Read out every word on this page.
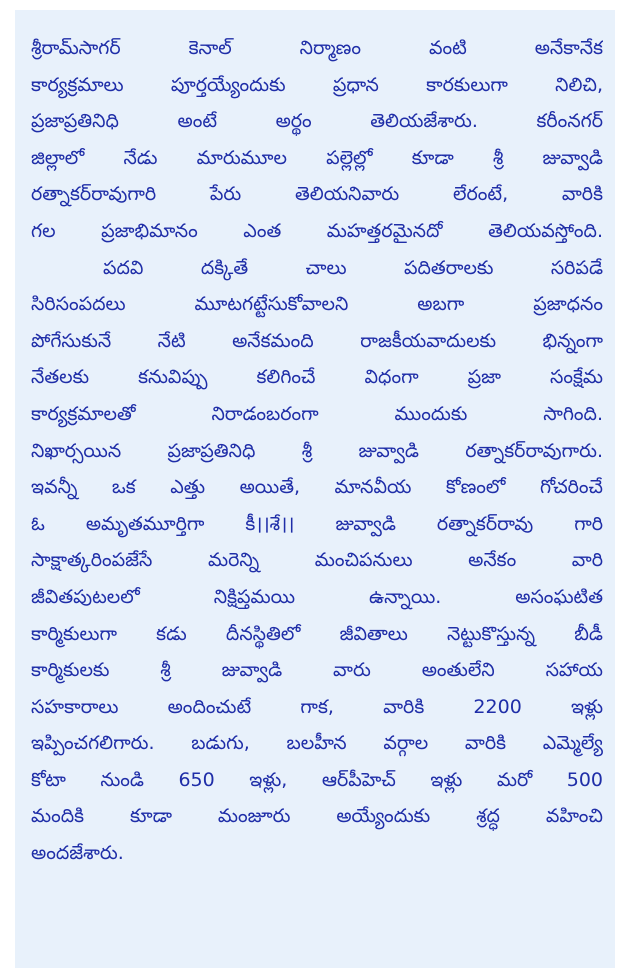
శ్రీరామ్‌సాగర్ కెనాల్ నిర్మాణం వంటి అనేకానేక
కార్యక్రమాలు పూర్తయ్యేందుకు ప్రధాన కారకులుగా నిలిచి,
ప్రజాప్రతినిధి అంటే అర్థం తెలియజేశారు. కరీంనగర్
జిల్లాలో నేడు మారుమూల పల్లెల్లో కూడా శ్రీ జువ్వాడి
రత్నాకర్‌రావుగారి పేరు తెలియనివారు లేరంటే, వారికి
గల ప్రజాభిమానం ఎంత మహత్తరమైనదో తెలియవస్తోంది.
పదవి దక్కితే చాలు పదితరాలకు సరిపడే
సిరిసంపదలు మూటగట్టేసుకోవాలని అబగా ప్రజాధనం
పోగేసుకునే నేటి అనేకమంది రాజకీయవాదులకు భిన్నంగా
నేతలకు కనువిప్పు కలిగించే విధంగా ప్రజా సంక్షేమ
కార్యక్రమాలతో నిరాడంబరంగా ముందుకు సాగింది.
నిఖార్సయిన ప్రజాప్రతినిధి శ్రీ జువ్వాడి రత్నాకర్‌రావుగారు.
ఇవన్నీ ఒక ఎత్తు అయితే, మానవీయ కోణంలో గోచరించే
ఓ అమృతమూర్తిగా కీ।।శే।। జువ్వాడి రత్నాకర్‌రావు గారి
సాక్షాత్కరింపజేసే మరెన్ని మంచిపనులు అనేకం వారి
జీవితపుటలలో నిక్షిప్తమయి ఉన్నాయి. అసంఘటిత
కార్మికులుగా కడు దీనస్థితిలో జీవితాలు నెట్టుకొస్తున్న బీడీ
కార్మికులకు శ్రీ జువ్వాడి వారు అంతులేని సహాయ
సహకారాలు అందించుటే గాక, వారికి 2200 ఇళ్లు
ఇప్పించగలిగారు. బడుగు, బలహీన వర్గాల వారికి ఎమ్మెల్యే
కోటా నుండి 650 ఇళ్లు, ఆర్‌పీహెచ్ ఇళ్లు మరో 500
మందికి కూడా మంజూరు అయ్యేందుకు శ్రద్ధ వహించి
అందజేశారు.
